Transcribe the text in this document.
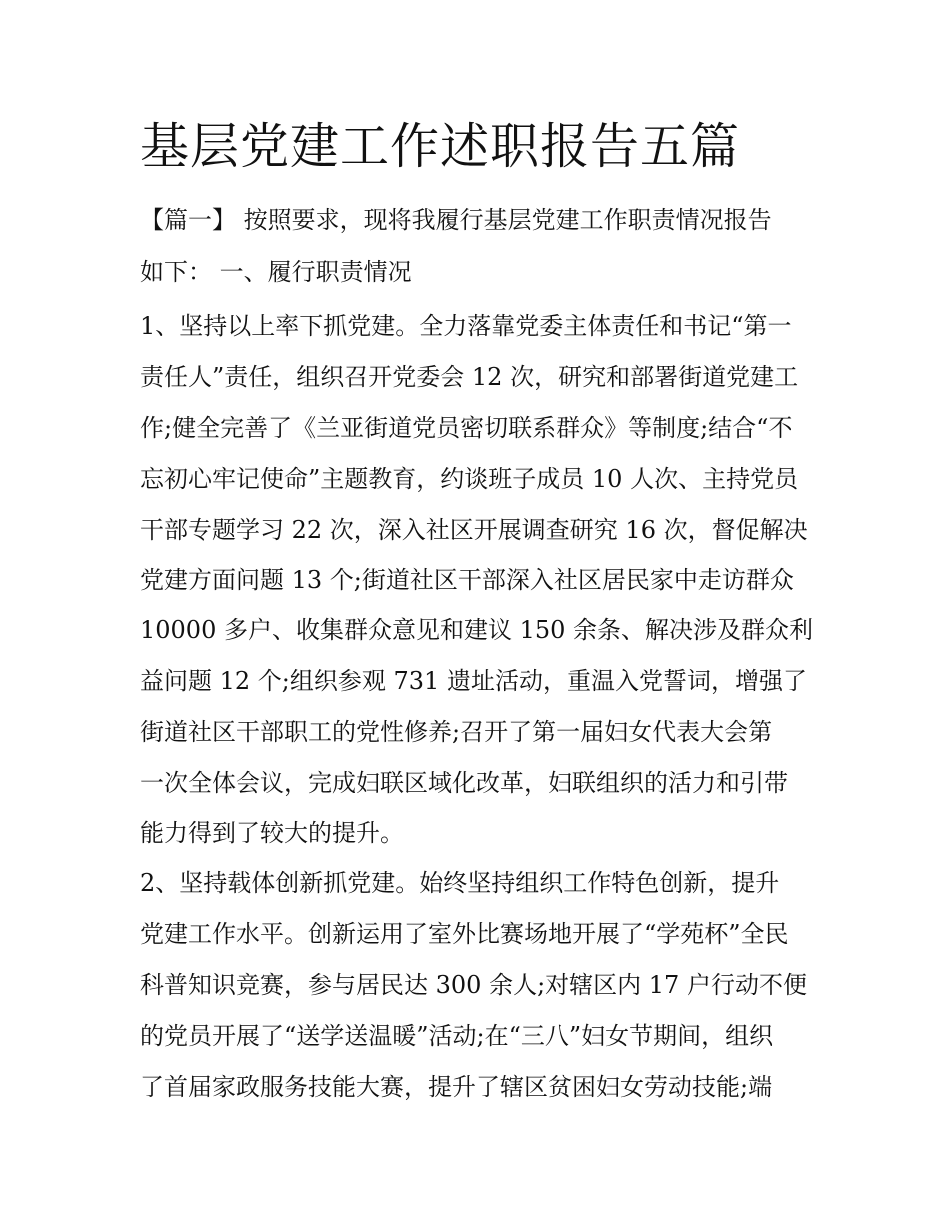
基层党建工作述职报告五篇

【篇一】 按照要求，现将我履行基层党建工作职责情况报告

如下： 一、履行职责情况

1、坚持以上率下抓党建。全力落靠党委主体责任和书记“第一

责任人”责任，组织召开党委会 12 次，研究和部署街道党建工

作;健全完善了《兰亚街道党员密切联系群众》等制度;结合“不

忘初心牢记使命”主题教育，约谈班子成员 10 人次、主持党员

干部专题学习 22 次，深入社区开展调查研究 16 次，督促解决

党建方面问题 13 个;街道社区干部深入社区居民家中走访群众

10000 多户、收集群众意见和建议 150 余条、解决涉及群众利

益问题 12 个;组织参观 731 遗址活动，重温入党誓词，增强了

街道社区干部职工的党性修养;召开了第一届妇女代表大会第

一次全体会议，完成妇联区域化改革，妇联组织的活力和引带

能力得到了较大的提升。

2、坚持载体创新抓党建。始终坚持组织工作特色创新，提升

党建工作水平。创新运用了室外比赛场地开展了“学苑杯”全民

科普知识竞赛，参与居民达 300 余人;对辖区内 17 户行动不便

的党员开展了“送学送温暖”活动;在“三八”妇女节期间，组织

了首届家政服务技能大赛，提升了辖区贫困妇女劳动技能;端
